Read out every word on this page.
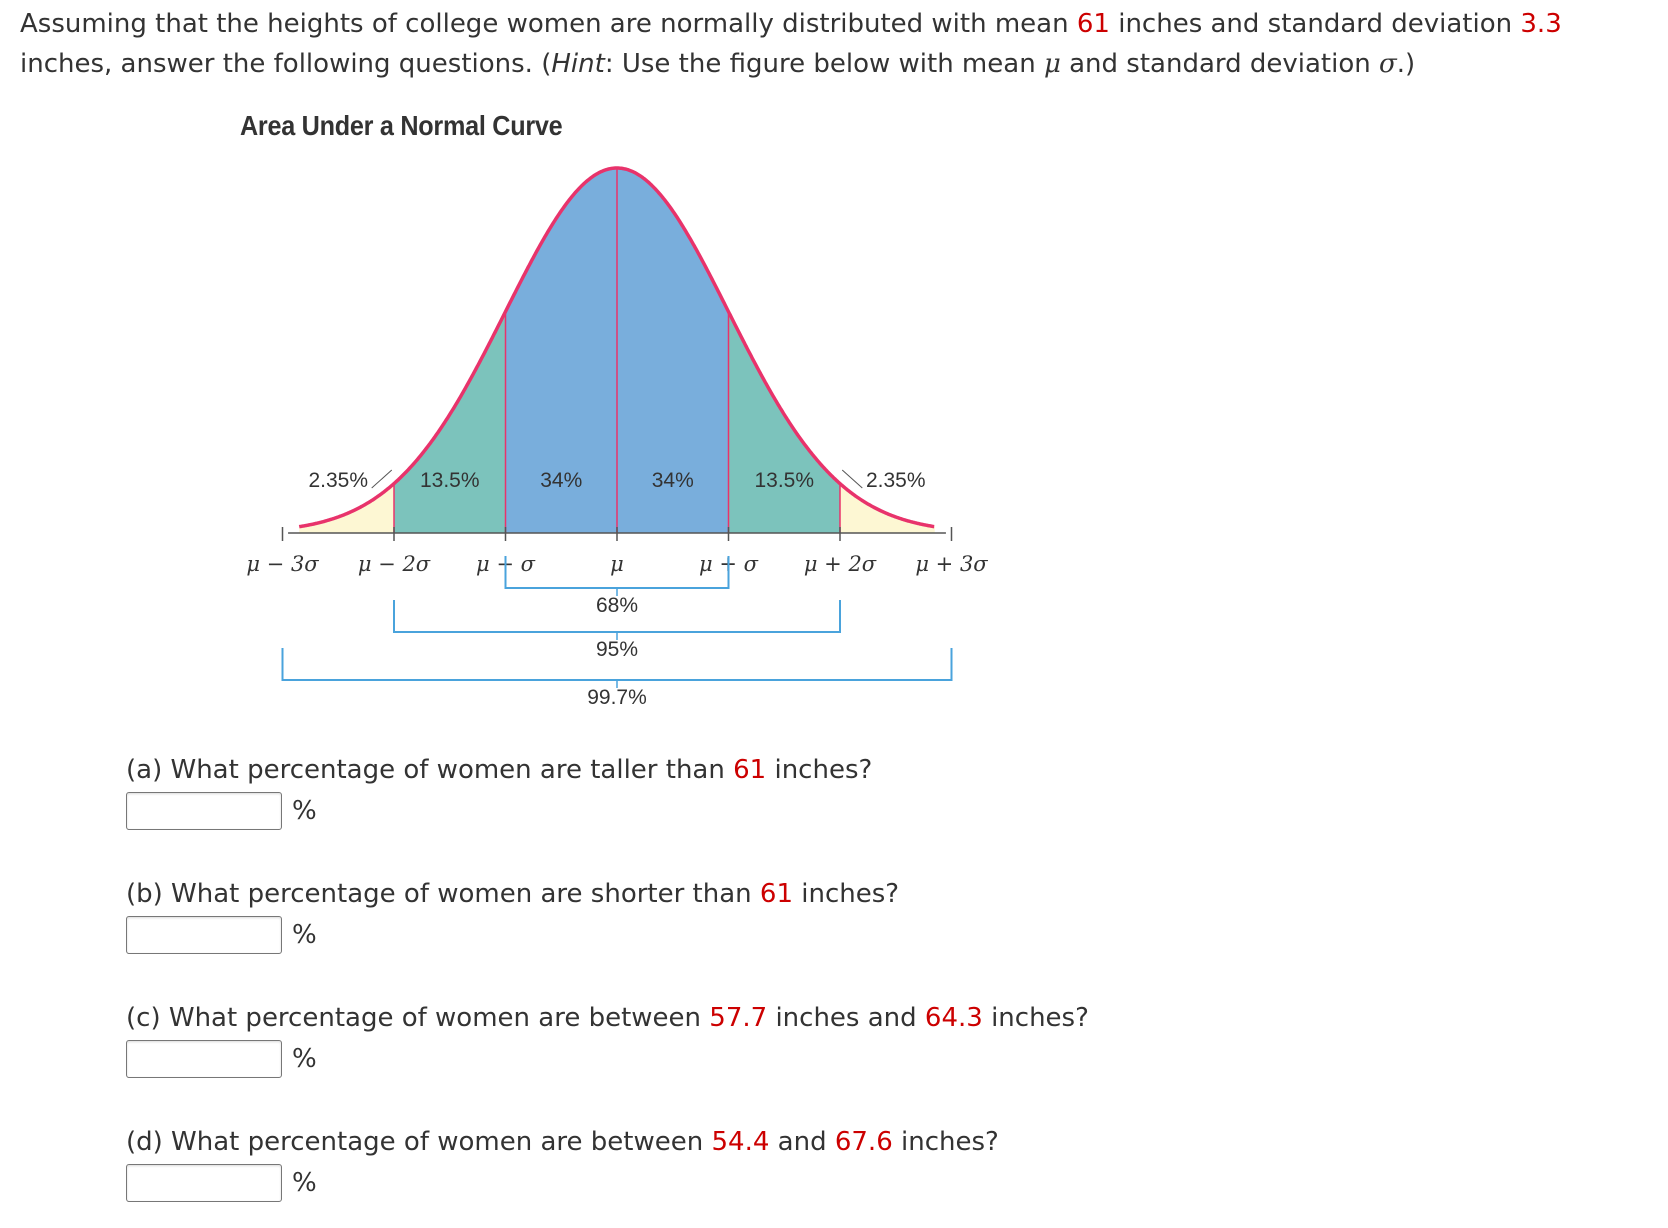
Assuming that the heights of college women are normally distributed with mean 61 inches and standard deviation 3.3 inches, answer the following questions. (Hint: Use the figure below with mean μ and standard deviation σ.)

Area Under a Normal Curve
2.35% 13.5%	34%	34%	13.5% 2.35%
μ − 3σ μ − 2σ μ − σ	μ	μ + σ μ + 2σ μ + 3σ
68%
95%
99.7%

(a) What percentage of women are taller than 61 inches?

%

(b) What percentage of women are shorter than 61 inches?

%

(c) What percentage of women are between 57.7 inches and 64.3 inches?

%

(d) What percentage of women are between 54.4 and 67.6 inches?

%
